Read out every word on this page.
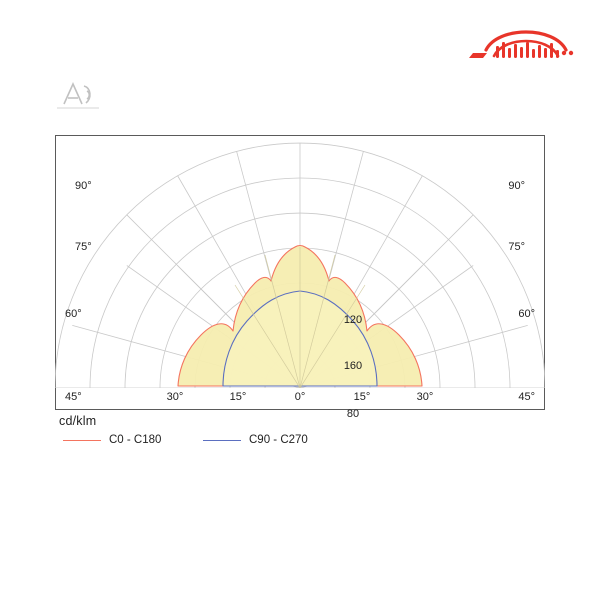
80
120
160
90°
75°
60°
45°
90°
75°
60°
45°
30°	15°	0°	15°	30°
cd/klm
C0 - C180	C90 - C270
